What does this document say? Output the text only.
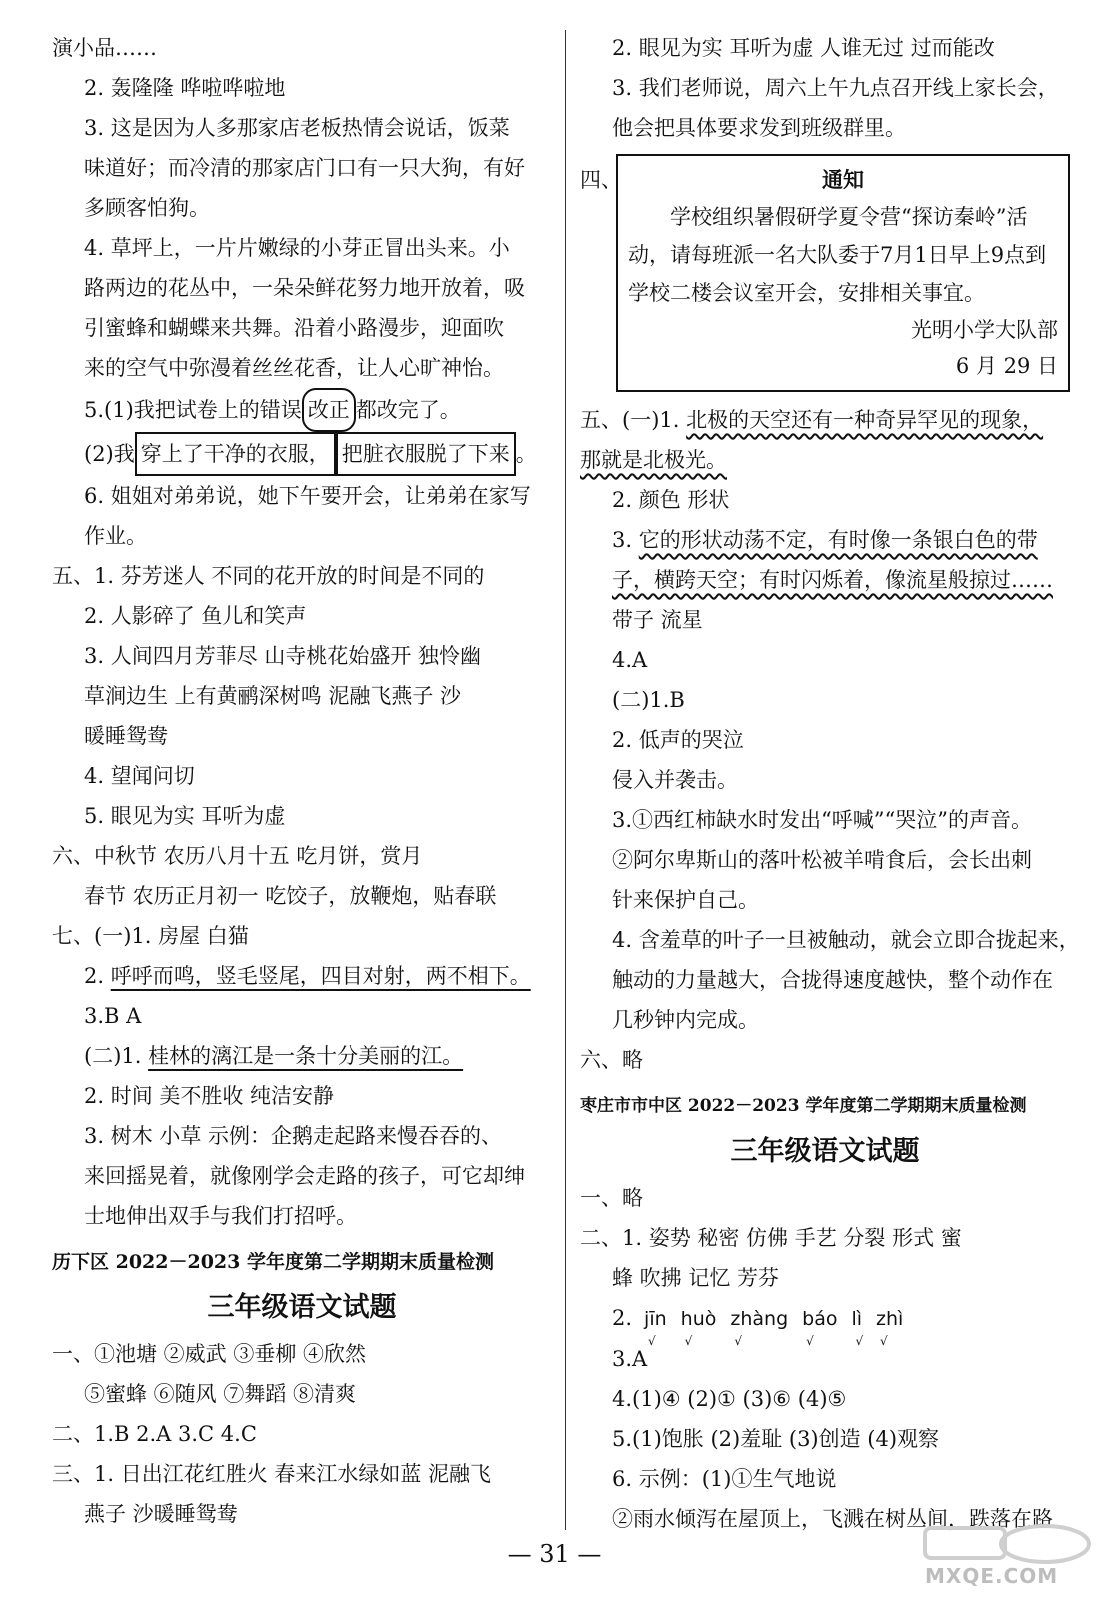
演小品……
2. 轰隆隆 哗啦哗啦地
3. 这是因为人多那家店老板热情会说话，饭菜
味道好；而冷清的那家店门口有一只大狗，有好
多顾客怕狗。
4. 草坪上，一片片嫩绿的小芽正冒出头来。小
路两边的花丛中，一朵朵鲜花努力地开放着，吸
引蜜蜂和蝴蝶来共舞。沿着小路漫步，迎面吹
来的空气中弥漫着丝丝花香，让人心旷神怡。
5.(1)我把试卷上的错误 改正 都改完了。
(2)我 穿上了干净的衣服， 把脏衣服脱了下来 。
6. 姐姐对弟弟说，她下午要开会，让弟弟在家写
作业。
五、1. 芬芳迷人 不同的花开放的时间是不同的
2. 人影碎了 鱼儿和笑声
3. 人间四月芳菲尽 山寺桃花始盛开 独怜幽
草涧边生 上有黄鹂深树鸣 泥融飞燕子 沙
暖睡鸳鸯
4. 望闻问切
5. 眼见为实 耳听为虚
六、中秋节 农历八月十五 吃月饼，赏月
春节 农历正月初一 吃饺子，放鞭炮，贴春联
七、(一)1. 房屋 白猫
2. 呼呼而鸣，竖毛竖尾，四目对射，两不相下。
3.B A
(二)1. 桂林的漓江是一条十分美丽的江。
2. 时间 美不胜收 纯洁安静
3. 树木 小草 示例：企鹅走起路来慢吞吞的、
来回摇晃着，就像刚学会走路的孩子，可它却绅
士地伸出双手与我们打招呼。
历下区 2022－2023 学年度第二学期期末质量检测
三年级语文试题
一、①池塘 ②威武 ③垂柳 ④欣然
⑤蜜蜂 ⑥随风 ⑦舞蹈 ⑧清爽
二、1.B 2.A 3.C 4.C
三、1. 日出江花红胜火 春来江水绿如蓝 泥融飞
燕子 沙暖睡鸳鸯
2. 眼见为实 耳听为虚 人谁无过 过而能改
3. 我们老师说，周六上午九点召开线上家长会，
他会把具体要求发到班级群里。
四、	通知
学校组织暑假研学夏令营“探访秦岭”活动，请每班派一名大队委于7月1日早上9点到学校二楼会议室开会，安排相关事宜。
光明小学大队部
6 月 29 日
五、(一)1. 北极的天空还有一种奇异罕见的现象，
那就是北极光。
2. 颜色 形状
3. 它的形状动荡不定，有时像一条银白色的带
子，横跨天空；有时闪烁着，像流星般掠过……
带子 流星
4.A
(二)1.B
2. 低声的哭泣
侵入并袭击。
3.①西红柿缺水时发出“呼喊”“哭泣”的声音。
②阿尔卑斯山的落叶松被羊啃食后，会长出刺
针来保护自己。
4. 含羞草的叶子一旦被触动，就会立即合拢起来，
触动的力量越大，合拢得速度越快，整个动作在
几秒钟内完成。
六、略
枣庄市市中区 2022－2023 学年度第二学期期末质量检测
三年级语文试题
一、略
二、1. 姿势 秘密 仿佛 手艺 分裂 形式 蜜
蜂 吹拂 记忆 芳芬
2. jīn
√
huò
√
zhàng
√
báo
√
lì
√
zhì
√
3.A
4.(1)④ (2)① (3)⑥ (4)⑤
5.(1)饱胀 (2)羞耻 (3)创造 (4)观察
6. 示例：(1)①生气地说
②雨水倾泻在屋顶上，飞溅在树丛间，跌落在路
— 31 —
MXQE.COM
